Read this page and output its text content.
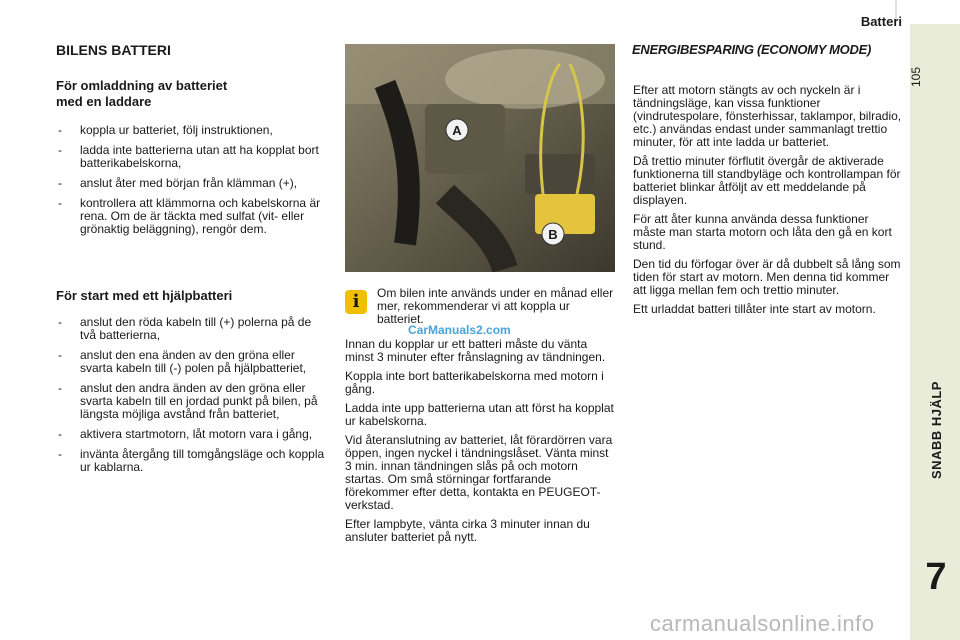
Batteri
105
SNABB HJÄLP
7
BILENS BATTERI
För omladdning av batteriet
med en laddare
- koppla ur batteriet, följ instruktionen,
- ladda inte batterierna utan att ha kopplat bort batterikabelskorna,
- anslut åter med början från klämman (+),
- kontrollera att klämmorna och kabelskorna är rena. Om de är täckta med sulfat (vit- eller grönaktig beläggning), rengör dem.
För start med ett hjälpbatteri
- anslut den röda kabeln till (+) polerna på de två batterierna,
- anslut den ena änden av den gröna eller svarta kabeln till (-) polen på hjälpbatteriet,
- anslut den andra änden av den gröna eller svarta kabeln till en jordad punkt på bilen, på längsta möjliga avstånd från batteriet,
- aktivera startmotorn, låt motorn vara i gång,
- invänta återgång till tomgångsläge och koppla ur kablarna.
A
B
i	Om bilen inte används under en månad eller mer, rekommenderar vi att koppla ur batteriet.
CarManuals2.com

Innan du kopplar ur ett batteri måste du vänta minst 3 minuter efter frånslagning av tändningen.

Koppla inte bort batterikabelskorna med motorn i gång.

Ladda inte upp batterierna utan att först ha kopplat ur kabelskorna.

Vid återanslutning av batteriet, låt förardörren vara öppen, ingen nyckel i tändningslåset. Vänta minst 3 min. innan tändningen slås på och motorn startas. Om små störningar fortfarande förekommer efter detta, kontakta en PEUGEOT-verkstad.

Efter lampbyte, vänta cirka 3 minuter innan du ansluter batteriet på nytt.

ENERGIBESPARING (ECONOMY MODE)

Efter att motorn stängts av och nyckeln är i tändningsläge, kan vissa funktioner (vindrutespolare, fönsterhissar, taklampor, bilradio, etc.) användas endast under sammanlagt trettio minuter, för att inte ladda ur batteriet.

Då trettio minuter förflutit övergår de aktiverade funktionerna till standbyläge och kontrollampan för batteriet blinkar åtföljt av ett meddelande på displayen.

För att åter kunna använda dessa funktioner måste man starta motorn och låta den gå en kort stund.

Den tid du förfogar över är då dubbelt så lång som tiden för start av motorn. Men denna tid kommer att ligga mellan fem och trettio minuter.

Ett urladdat batteri tillåter inte start av motorn.

carmanualsonline.info
